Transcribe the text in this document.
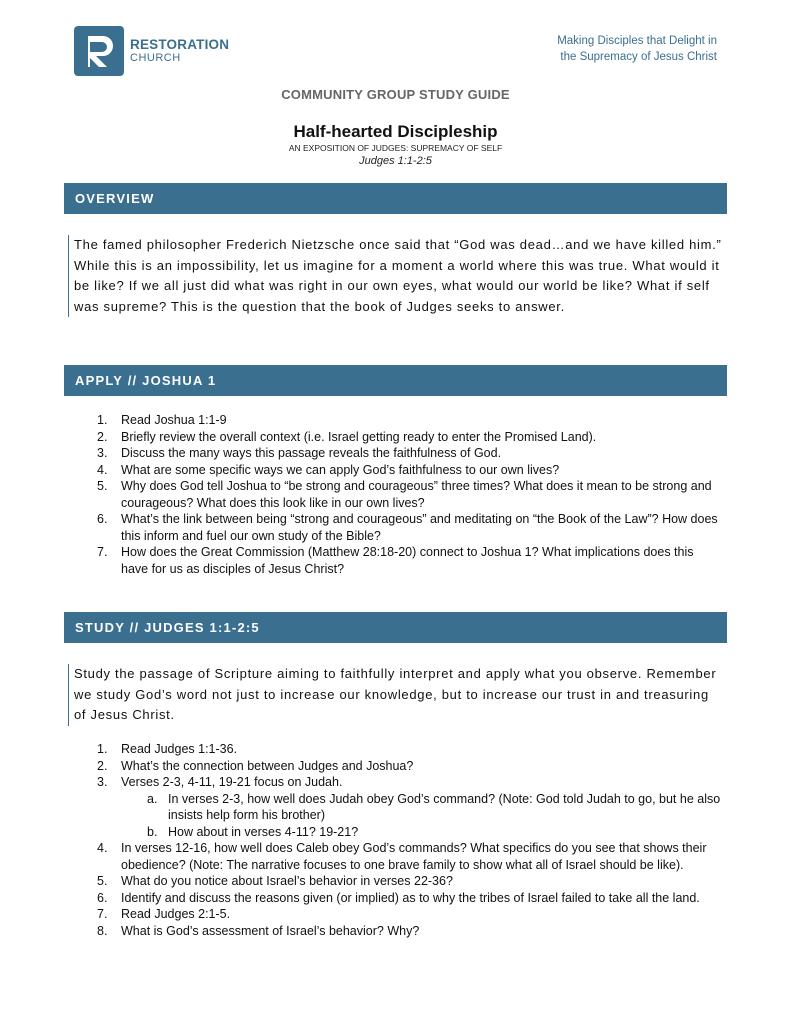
RESTORATION
CHURCH
Making Disciples that Delight in
the Supremacy of Jesus Christ
COMMUNITY GROUP STUDY GUIDE
Half-hearted Discipleship
AN EXPOSITION OF JUDGES: SUPREMACY OF SELF
Judges 1:1-2:5
OVERVIEW
The famed philosopher Frederich Nietzsche once said that “God was dead…and we have killed him.” While this is an impossibility, let us imagine for a moment a world where this was true. What would it be like? If we all just did what was right in our own eyes, what would our world be like? What if self was supreme? This is the question that the book of Judges seeks to answer.
APPLY // JOSHUA 1
1. Read Joshua 1:1-9
2. Briefly review the overall context (i.e. Israel getting ready to enter the Promised Land).
3. Discuss the many ways this passage reveals the faithfulness of God.
4. What are some specific ways we can apply God’s faithfulness to our own lives?
5. Why does God tell Joshua to “be strong and courageous” three times? What does it mean to be strong and courageous? What does this look like in our own lives?
6. What’s the link between being “strong and courageous” and meditating on “the Book of the Law”? How does this inform and fuel our own study of the Bible?
7. How does the Great Commission (Matthew 28:18-20) connect to Joshua 1? What implications does this have for us as disciples of Jesus Christ?
STUDY // JUDGES 1:1-2:5
Study the passage of Scripture aiming to faithfully interpret and apply what you observe. Remember we study God’s word not just to increase our knowledge, but to increase our trust in and treasuring of Jesus Christ.
1. Read Judges 1:1-36.
2. What’s the connection between Judges and Joshua?
3. Verses 2-3, 4-11, 19-21 focus on Judah.
a. In verses 2-3, how well does Judah obey God’s command? (Note: God told Judah to go, but he also insists help form his brother)
b. How about in verses 4-11? 19-21?
4. In verses 12-16, how well does Caleb obey God’s commands? What specifics do you see that shows their obedience? (Note: The narrative focuses to one brave family to show what all of Israel should be like).
5. What do you notice about Israel’s behavior in verses 22-36?
6. Identify and discuss the reasons given (or implied) as to why the tribes of Israel failed to take all the land.
7. Read Judges 2:1-5.
8. What is God’s assessment of Israel’s behavior? Why?
